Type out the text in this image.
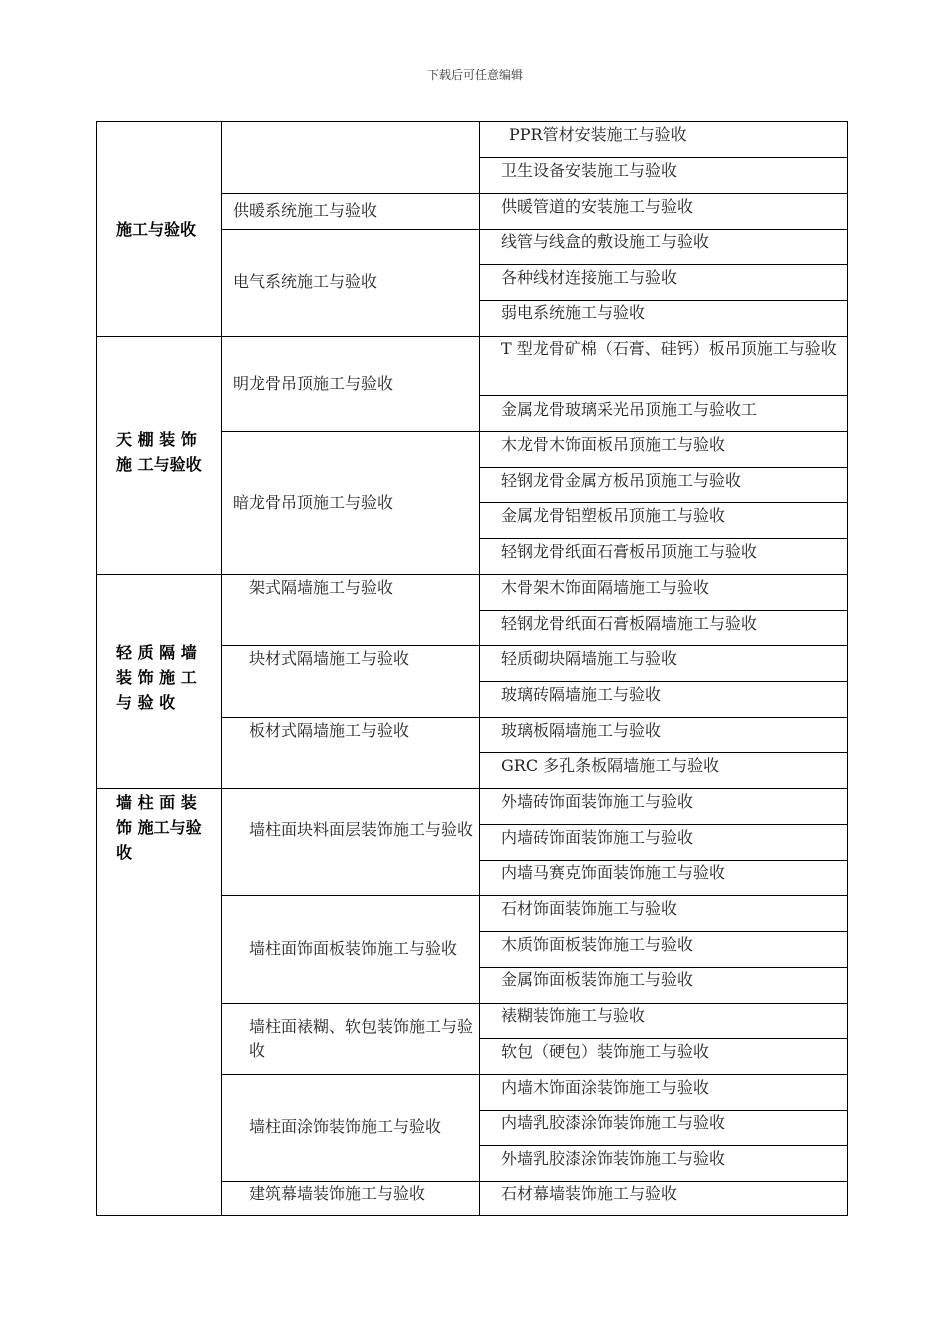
下载后可任意编辑
施工与验收
天 棚 装 饰 施 工与验收
轻 质 隔 墙 装 饰 施 工 与 验 收
墙 柱 面 装 饰 施工与验收
供暖系统施工与验收
电气系统施工与验收
明龙骨吊顶施工与验收
暗龙骨吊顶施工与验收
架式隔墙施工与验收
块材式隔墙施工与验收
板材式隔墙施工与验收
墙柱面块料面层装饰施工与验收
墙柱面饰面板装饰施工与验收
墙柱面裱糊、软包装饰施工与验收
墙柱面涂饰装饰施工与验收
建筑幕墙装饰施工与验收
PPR管材安装施工与验收
卫生设备安装施工与验收
供暖管道的安装施工与验收
线管与线盒的敷设施工与验收
各种线材连接施工与验收
弱电系统施工与验收
T 型龙骨矿棉（石膏、硅钙）板吊顶施工与验收
金属龙骨玻璃采光吊顶施工与验收工
木龙骨木饰面板吊顶施工与验收
轻钢龙骨金属方板吊顶施工与验收
金属龙骨铝塑板吊顶施工与验收
轻钢龙骨纸面石膏板吊顶施工与验收
木骨架木饰面隔墙施工与验收
轻钢龙骨纸面石膏板隔墙施工与验收
轻质砌块隔墙施工与验收
玻璃砖隔墙施工与验收
玻璃板隔墙施工与验收
GRC 多孔条板隔墙施工与验收
外墙砖饰面装饰施工与验收
内墙砖饰面装饰施工与验收
内墙马赛克饰面装饰施工与验收
石材饰面装饰施工与验收
木质饰面板装饰施工与验收
金属饰面板装饰施工与验收
裱糊装饰施工与验收
软包（硬包）装饰施工与验收
内墙木饰面涂装饰施工与验收
内墙乳胶漆涂饰装饰施工与验收
外墙乳胶漆涂饰装饰施工与验收
石材幕墙装饰施工与验收
